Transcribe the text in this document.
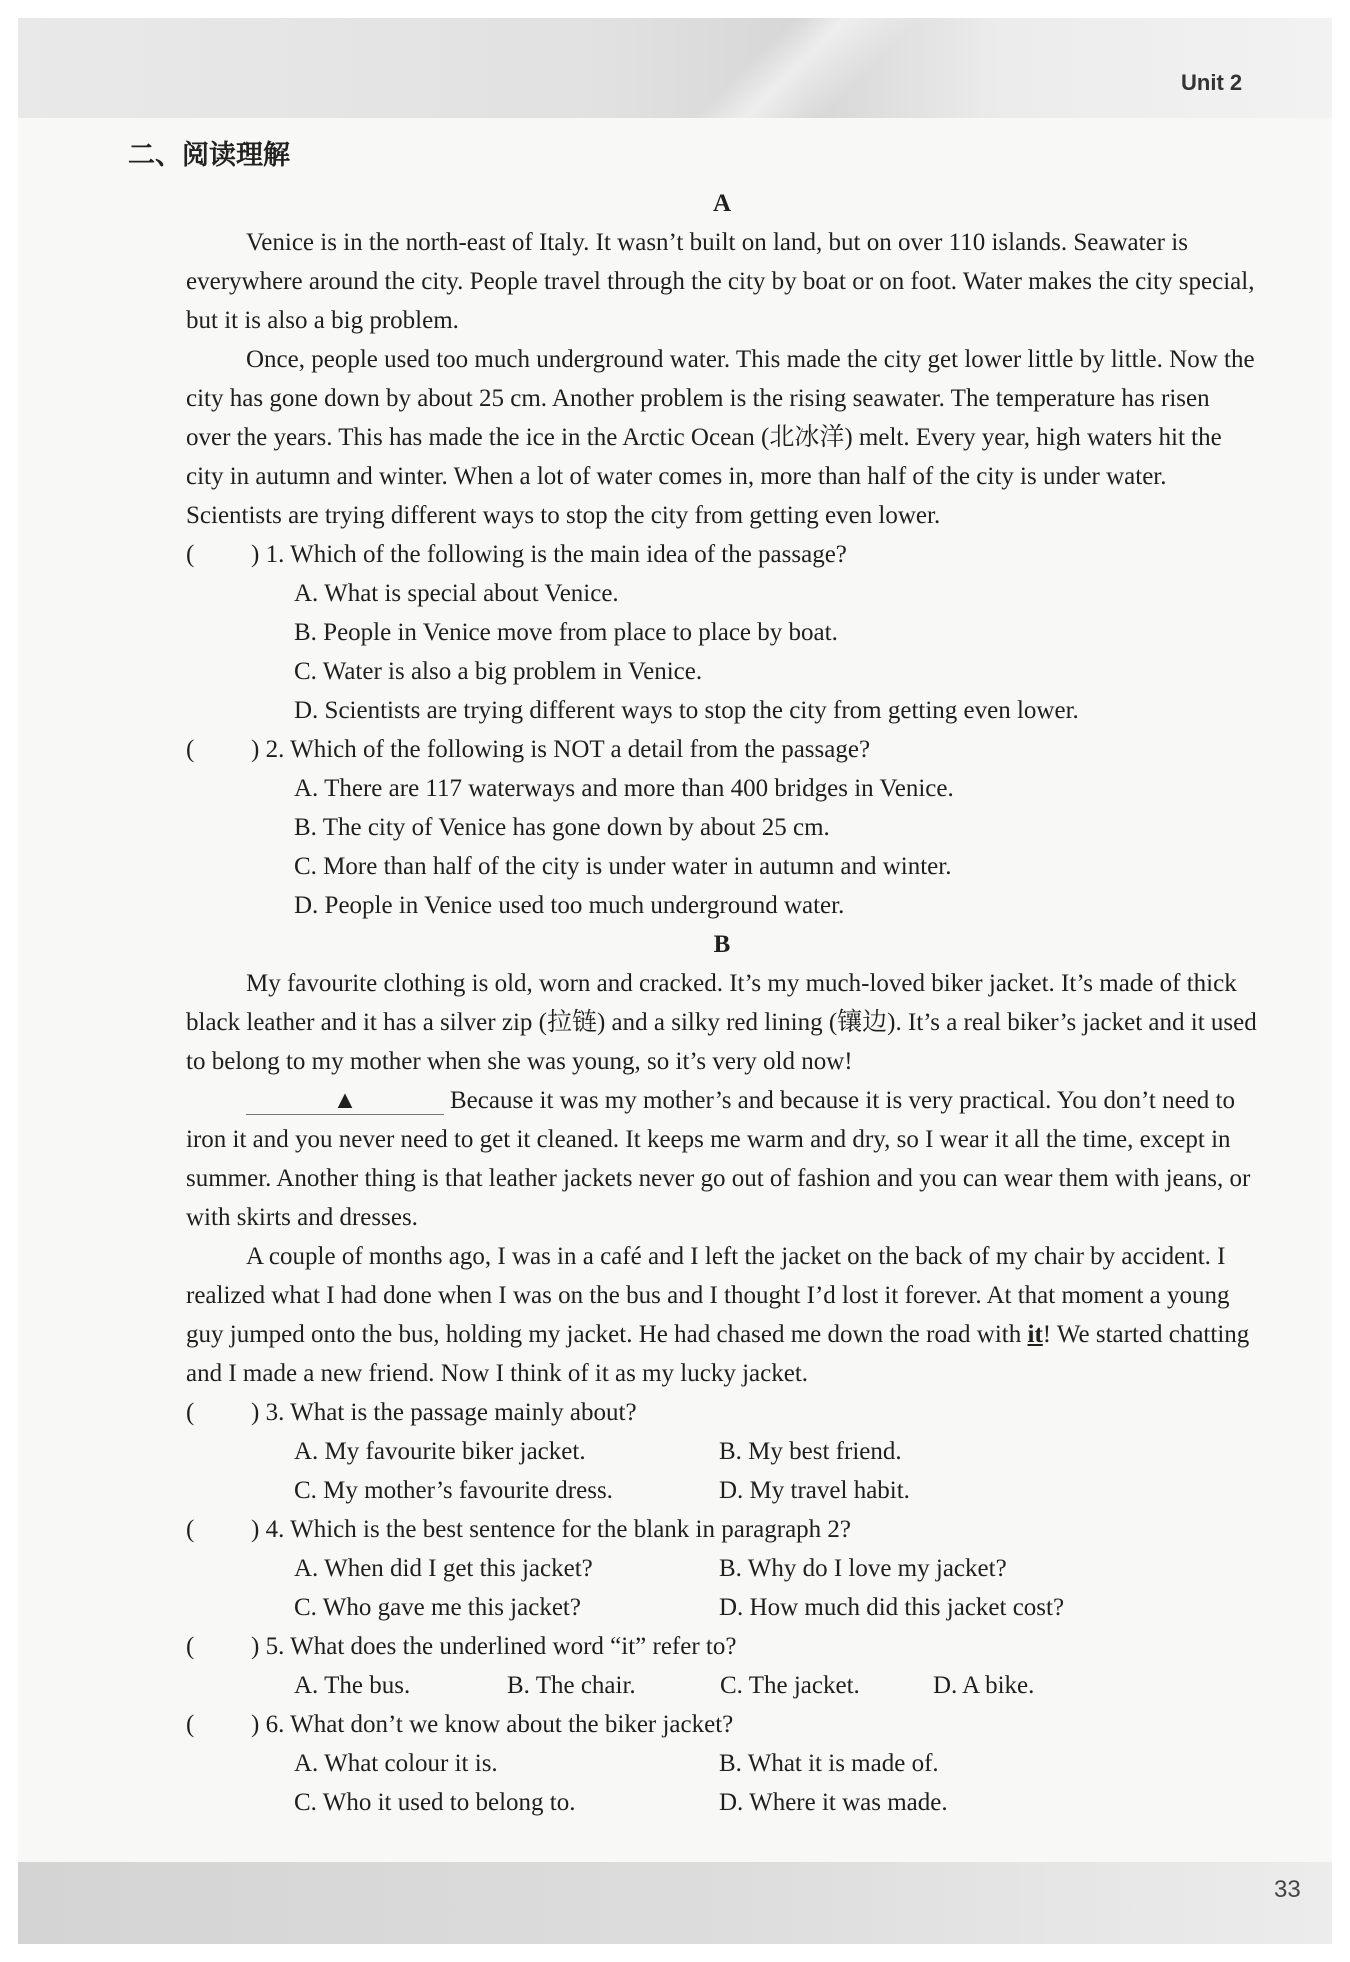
Unit 2
二、阅读理解
A

Venice is in the north-east of Italy. It wasn’t built on land, but on over 110 islands. Seawater is everywhere around the city. People travel through the city by boat or on foot. Water makes the city special, but it is also a big problem.

Once, people used too much underground water. This made the city get lower little by little. Now the city has gone down by about 25 cm. Another problem is the rising seawater. The temperature has risen over the years. This has made the ice in the Arctic Ocean (北冰洋) melt. Every year, high waters hit the city in autumn and winter. When a lot of water comes in, more than half of the city is under water. Scientists are trying different ways to stop the city from getting even lower.

( ) 1. Which of the following is the main idea of the passage?
A. What is special about Venice.
B. People in Venice move from place to place by boat.
C. Water is also a big problem in Venice.
D. Scientists are trying different ways to stop the city from getting even lower.
( ) 2. Which of the following is NOT a detail from the passage?
A. There are 117 waterways and more than 400 bridges in Venice.
B. The city of Venice has gone down by about 25 cm.
C. More than half of the city is under water in autumn and winter.
D. People in Venice used too much underground water.
B

My favourite clothing is old, worn and cracked. It’s my much-loved biker jacket. It’s made of thick black leather and it has a silver zip (拉链) and a silky red lining (镶边). It’s a real biker’s jacket and it used to belong to my mother when she was young, so it’s very old now!

▲	Because it was my mother’s and because it is very practical. You don’t need to iron it and you never need to get it cleaned. It keeps me warm and dry, so I wear it all the time, except in summer. Another thing is that leather jackets never go out of fashion and you can wear them with jeans, or with skirts and dresses.

A couple of months ago, I was in a café and I left the jacket on the back of my chair by accident. I realized what I had done when I was on the bus and I thought I’d lost it forever. At that moment a young guy jumped onto the bus, holding my jacket. He had chased me down the road with it! We started chatting and I made a new friend. Now I think of it as my lucky jacket.

( ) 3. What is the passage mainly about?
A. My favourite biker jacket.	B. My best friend.
C. My mother’s favourite dress.	D. My travel habit.
( ) 4. Which is the best sentence for the blank in paragraph 2?
A. When did I get this jacket?	B. Why do I love my jacket?
C. Who gave me this jacket?	D. How much did this jacket cost?
( ) 5. What does the underlined word “it” refer to?
A. The bus.	B. The chair.	C. The jacket.	D. A bike.
( ) 6. What don’t we know about the biker jacket?
A. What colour it is.	B. What it is made of.
C. Who it used to belong to.	D. Where it was made.
33
